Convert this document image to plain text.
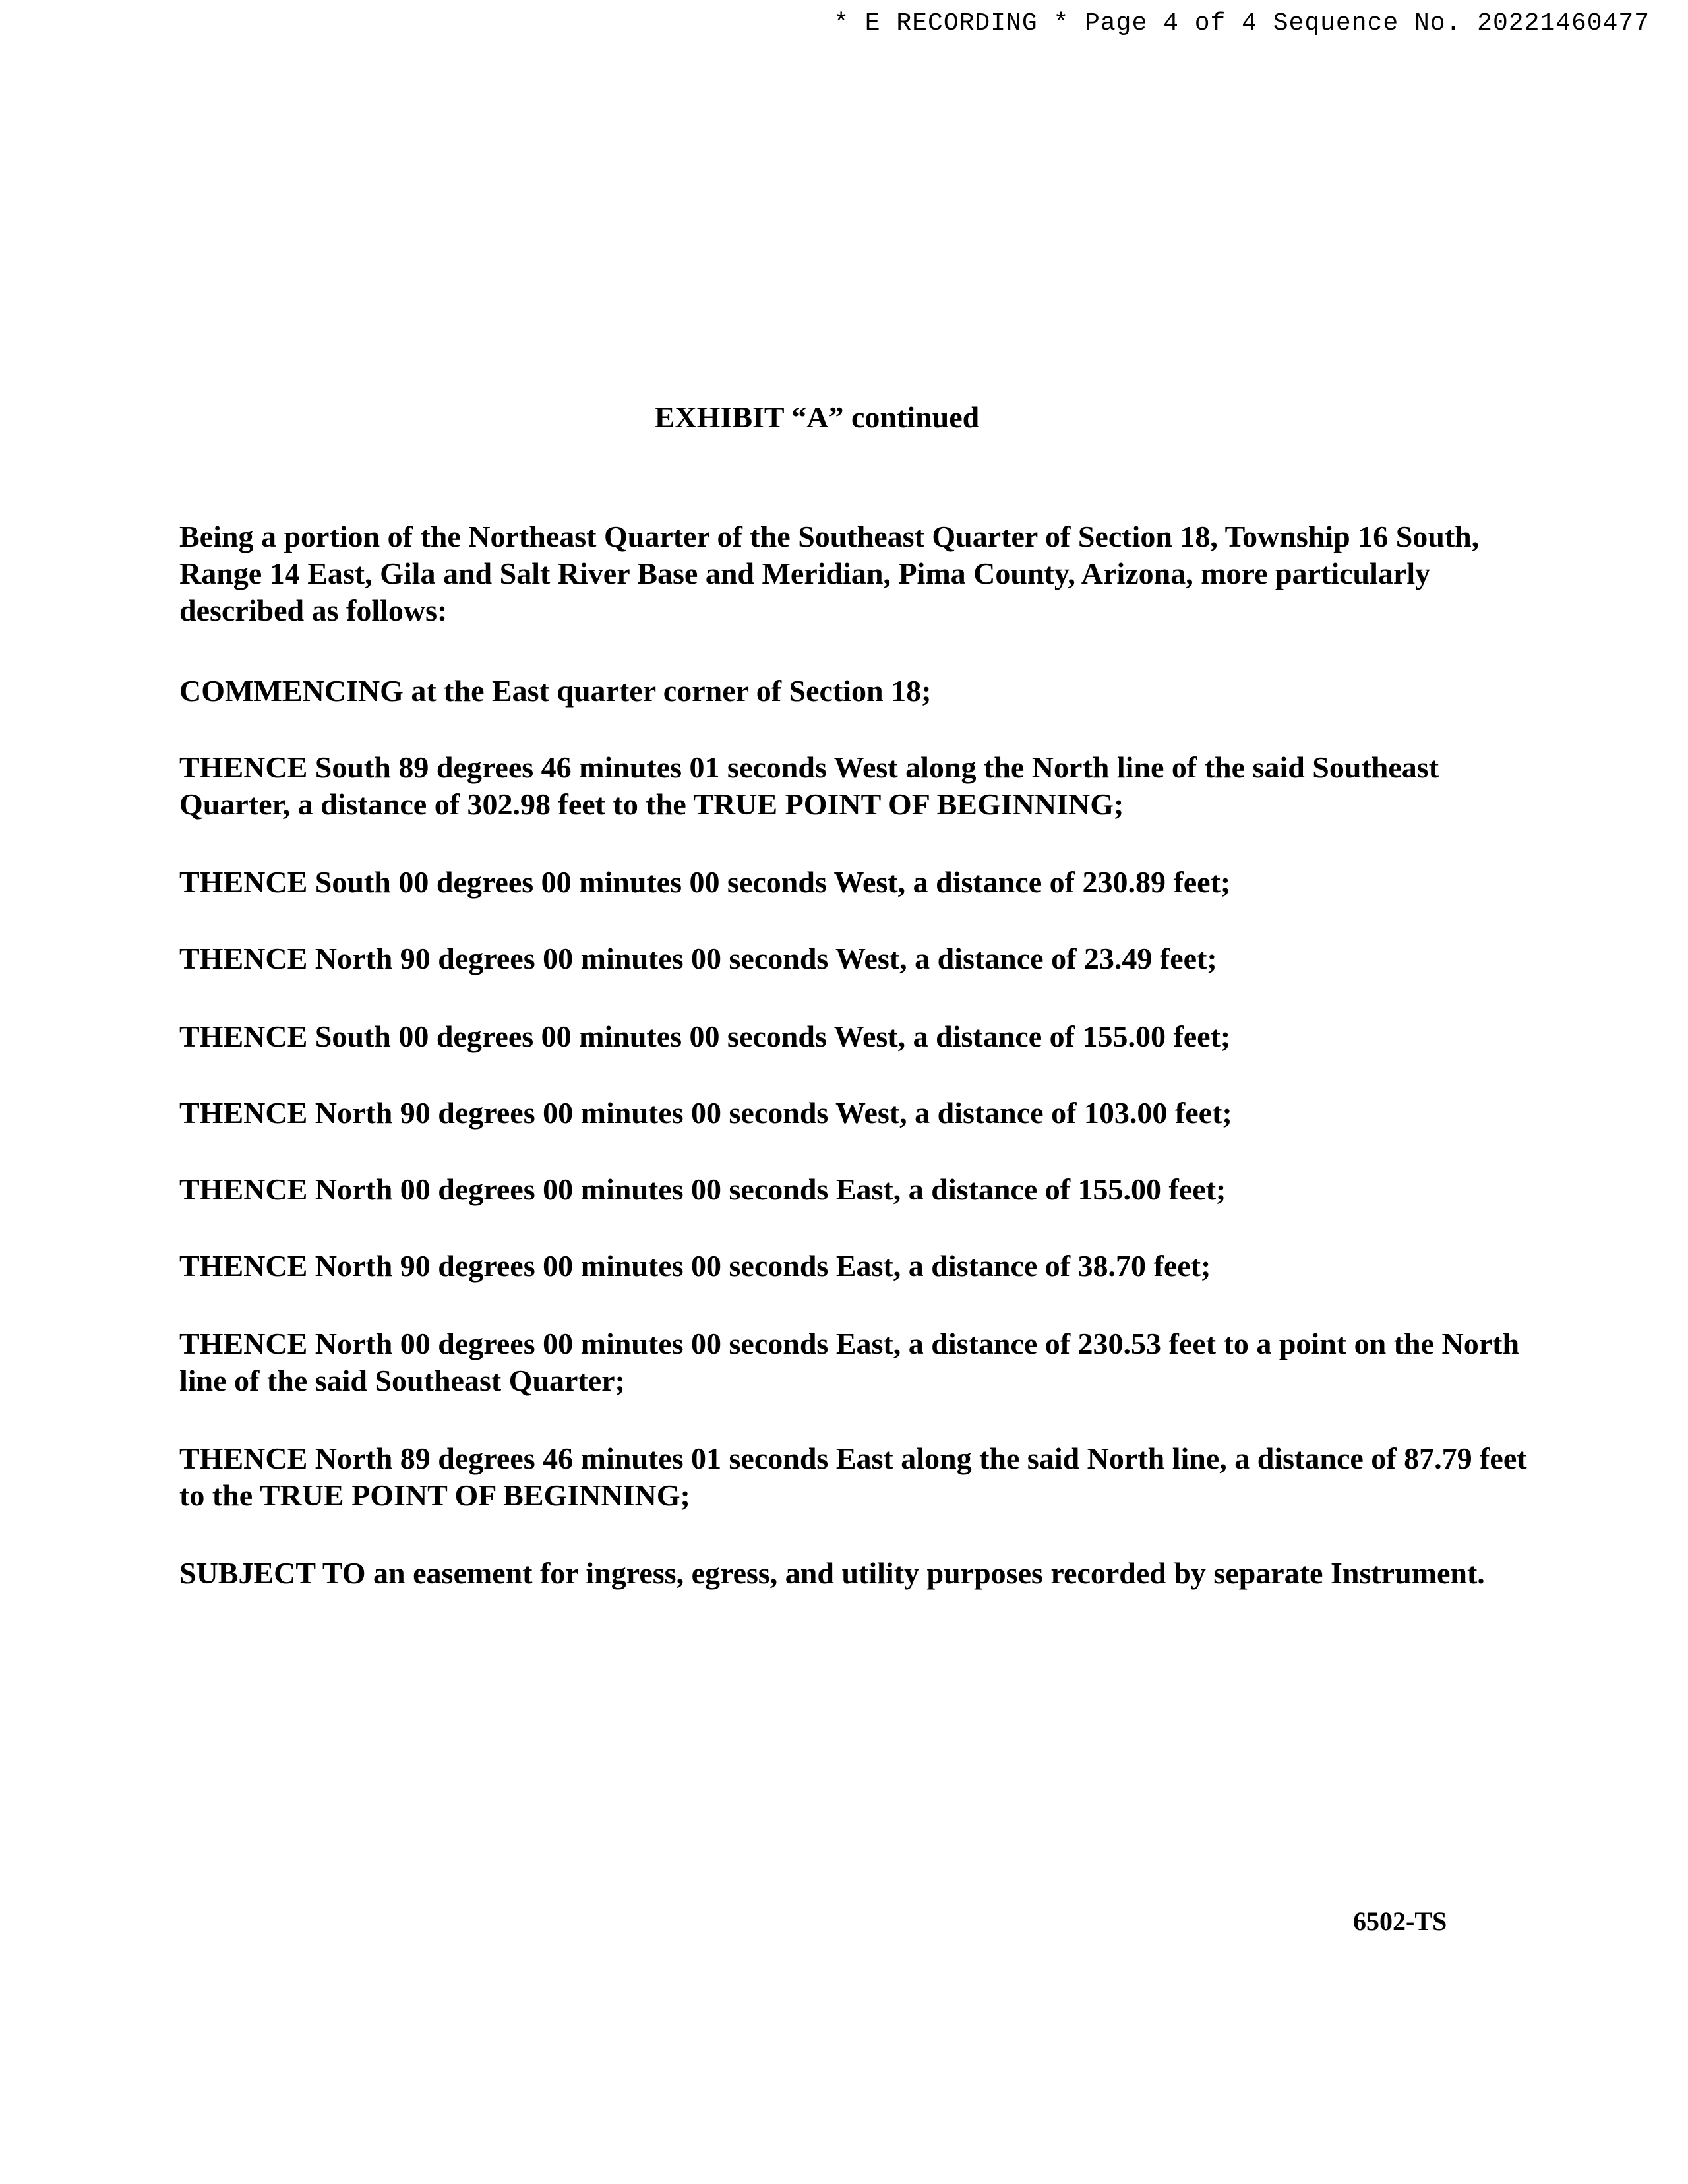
* E RECORDING * Page 4 of 4 Sequence No. 20221460477
EXHIBIT “A” continued

Being a portion of the Northeast Quarter of the Southeast Quarter of Section 18, Township 16 South, Range 14 East, Gila and Salt River Base and Meridian, Pima County, Arizona, more particularly described as follows:

COMMENCING at the East quarter corner of Section 18;

THENCE South 89 degrees 46 minutes 01 seconds West along the North line of the said Southeast Quarter, a distance of 302.98 feet to the TRUE POINT OF BEGINNING;

THENCE South 00 degrees 00 minutes 00 seconds West, a distance of 230.89 feet;

THENCE North 90 degrees 00 minutes 00 seconds West, a distance of 23.49 feet;

THENCE South 00 degrees 00 minutes 00 seconds West, a distance of 155.00 feet;

THENCE North 90 degrees 00 minutes 00 seconds West, a distance of 103.00 feet;

THENCE North 00 degrees 00 minutes 00 seconds East, a distance of 155.00 feet;

THENCE North 90 degrees 00 minutes 00 seconds East, a distance of 38.70 feet;

THENCE North 00 degrees 00 minutes 00 seconds East, a distance of 230.53 feet to a point on the North line of the said Southeast Quarter;

THENCE North 89 degrees 46 minutes 01 seconds East along the said North line, a distance of 87.79 feet to the TRUE POINT OF BEGINNING;

SUBJECT TO an easement for ingress, egress, and utility purposes recorded by separate Instrument.

6502-TS
